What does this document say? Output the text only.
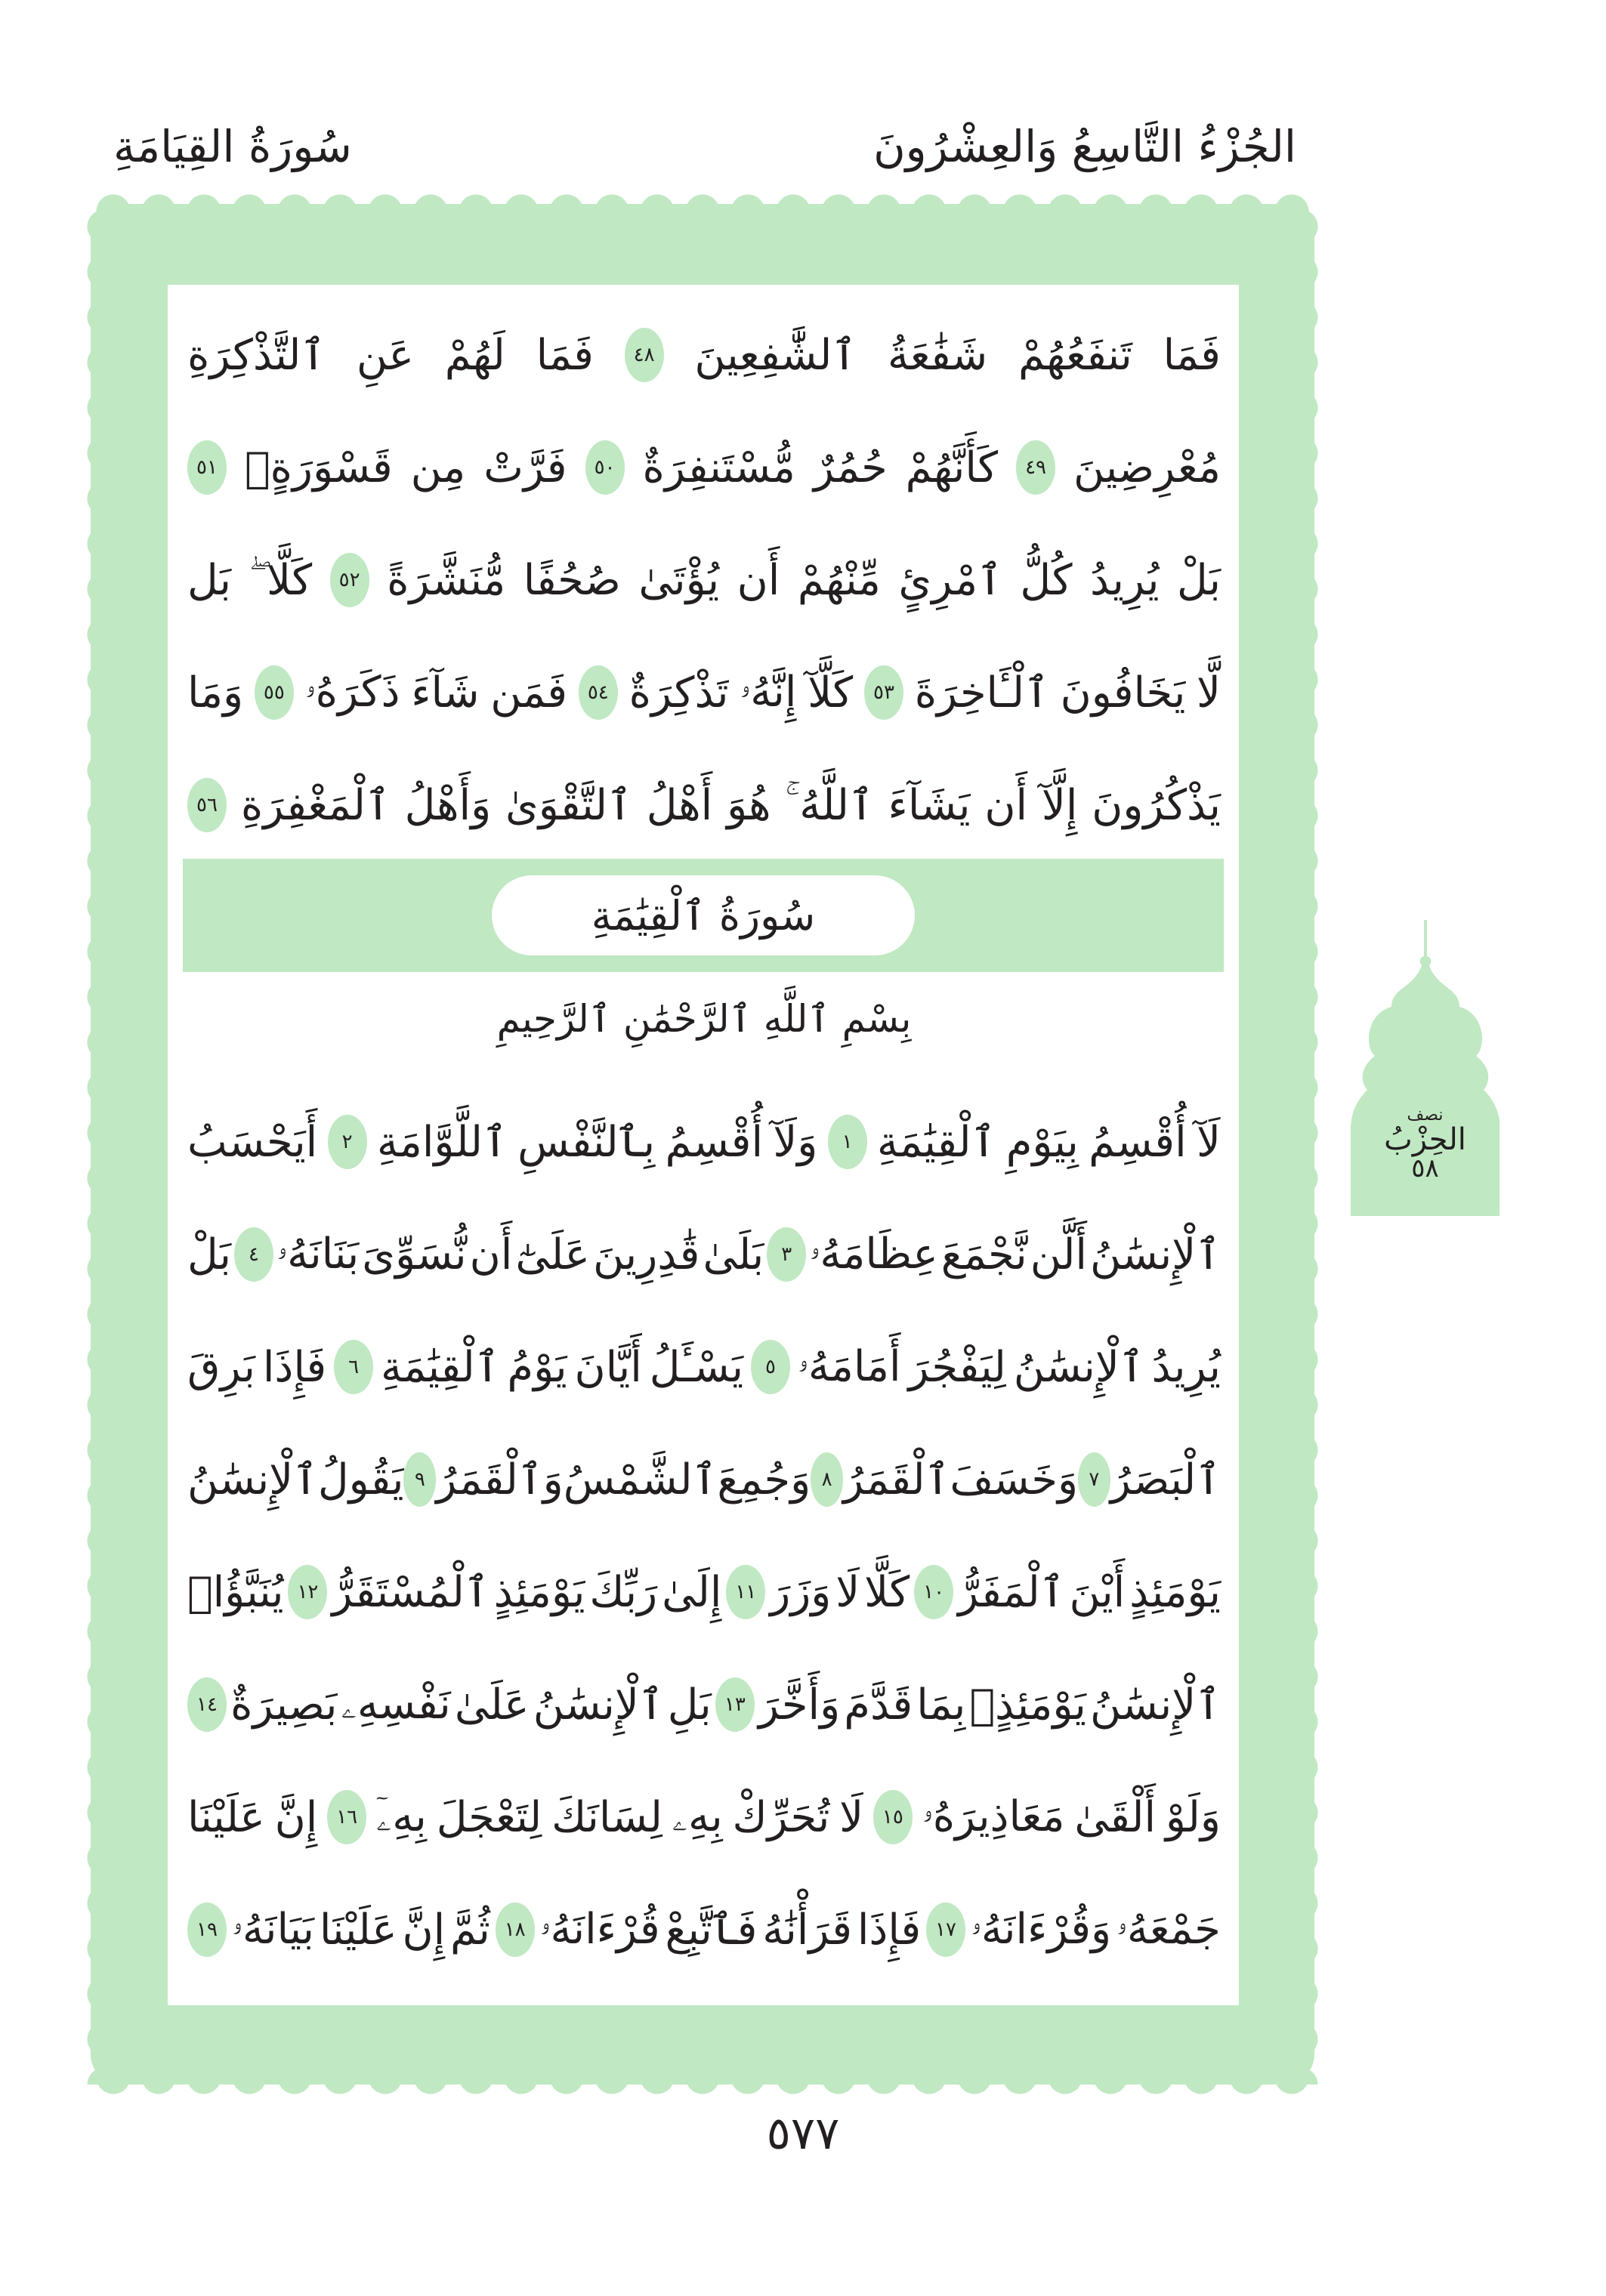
الجُزْءُ التَّاسِعُ وَالعِشْرُونَ
سُورَةُ القِيَامَةِ
فَمَا
تَنفَعُهُمْ
شَفَٰعَةُ
ٱلشَّٰفِعِينَ
٤٨
فَمَا
لَهُمْ
عَنِ
ٱلتَّذْكِرَةِ
مُعْرِضِينَ
٤٩
كَأَنَّهُمْ
حُمُرٌ
مُّسْتَنفِرَةٌ
٥٠
فَرَّتْ
مِن
قَسْوَرَةٍۭ
٥١
بَلْ
يُرِيدُ
كُلُّ
ٱمْرِئٍ
مِّنْهُمْ
أَن
يُؤْتَىٰ
صُحُفًا
مُّنَشَّرَةً
٥٢
كَلَّا
بَل
لَّا
يَخَافُونَ
ٱلْـَٔاخِرَةَ
٥٣
كَلَّآ
إِنَّهُۥ
تَذْكِرَةٌ
٥٤
فَمَن
شَآءَ
ذَكَرَهُۥ
٥٥
وَمَا
يَذْكُرُونَ
إِلَّآ
أَن
يَشَآءَ
ٱللَّهُ
هُوَ
أَهْلُ
ٱلتَّقْوَىٰ
وَأَهْلُ
ٱلْمَغْفِرَةِ
٥٦
لَآ
أُقْسِمُ
بِيَوْمِ
ٱلْقِيَٰمَةِ
١
وَلَآ
أُقْسِمُ
بِٱلنَّفْسِ
ٱللَّوَّامَةِ
٢
أَيَحْسَبُ
ٱلْإِنسَٰنُ
أَلَّن
نَّجْمَعَ
عِظَامَهُۥ
٣
بَلَىٰ
قَٰدِرِينَ
عَلَىٰٓ
أَن
نُّسَوِّىَ
بَنَانَهُۥ
٤
بَلْ
يُرِيدُ
ٱلْإِنسَٰنُ
لِيَفْجُرَ
أَمَامَهُۥ
٥
يَسْـَٔلُ
أَيَّانَ
يَوْمُ
ٱلْقِيَٰمَةِ
٦
فَإِذَا
بَرِقَ
ٱلْبَصَرُ
٧
وَخَسَفَ
ٱلْقَمَرُ
٨
وَجُمِعَ
ٱلشَّمْسُ
وَٱلْقَمَرُ
٩
يَقُولُ
ٱلْإِنسَٰنُ
يَوْمَئِذٍ
أَيْنَ
ٱلْمَفَرُّ
١٠
كَلَّا
لَا
وَزَرَ
١١
إِلَىٰ
رَبِّكَ
يَوْمَئِذٍ
ٱلْمُسْتَقَرُّ
١٢
يُنَبَّؤُا۟
ٱلْإِنسَٰنُ
يَوْمَئِذٍۭ
بِمَا
قَدَّمَ
وَأَخَّرَ
١٣
بَلِ
ٱلْإِنسَٰنُ
عَلَىٰ
نَفْسِهِۦ
بَصِيرَةٌ
١٤
وَلَوْ
أَلْقَىٰ
مَعَاذِيرَهُۥ
١٥
لَا
تُحَرِّكْ
بِهِۦ
لِسَانَكَ
لِتَعْجَلَ
بِهِۦٓ
١٦
إِنَّ
عَلَيْنَا
جَمْعَهُۥ
وَقُرْءَانَهُۥ
١٧
فَإِذَا
قَرَأْنَٰهُ
فَٱتَّبِعْ
قُرْءَانَهُۥ
١٨
ثُمَّ
إِنَّ
عَلَيْنَا
بَيَانَهُۥ
١٩
سُورَةُ ٱلْقِيَٰمَةِ
بِسْمِ ٱللَّهِ ٱلرَّحْمَٰنِ ٱلرَّحِيمِ
نصف
الحِزْبُ
٥٨
٥٧٧
